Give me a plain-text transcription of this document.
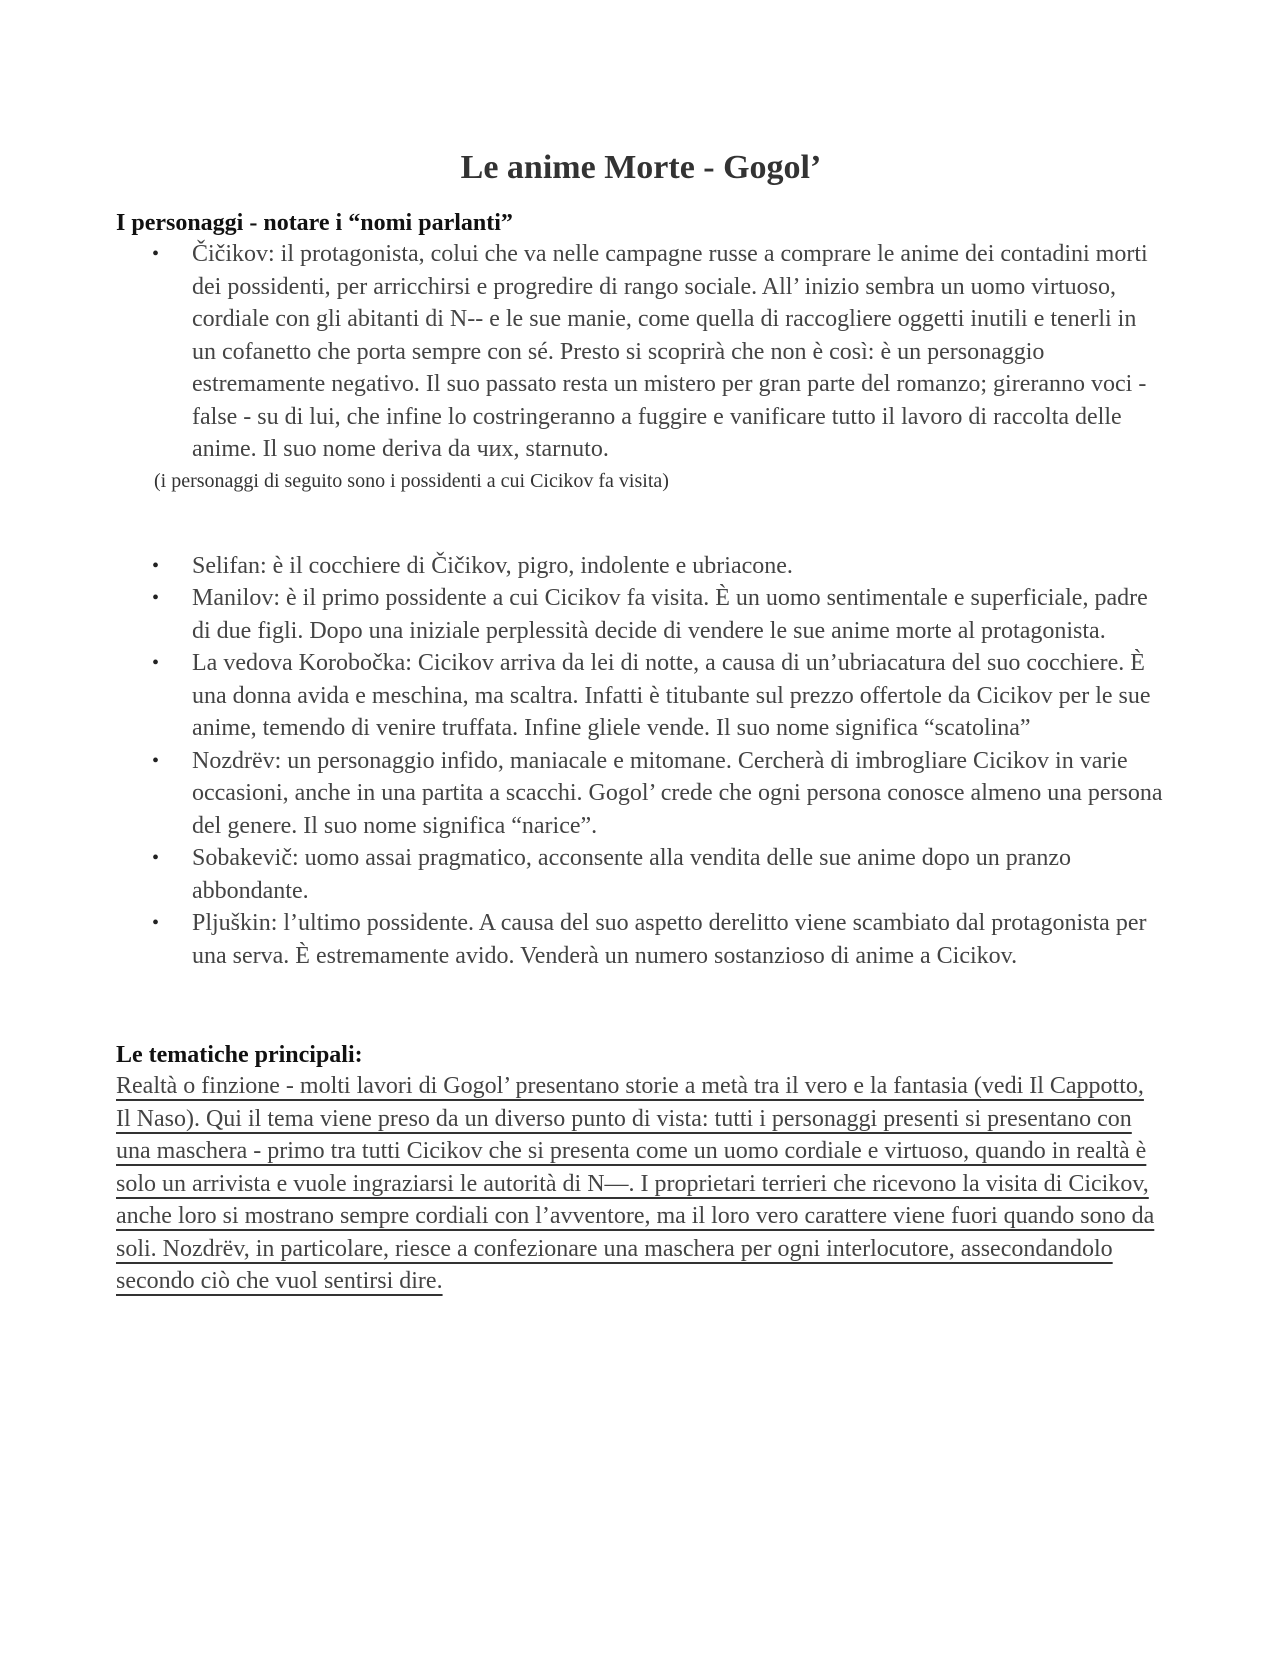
Le anime Morte - Gogol’
I personaggi - notare i “nomi parlanti”
• Čičikov: il protagonista, colui che va nelle campagne russe a comprare le anime dei contadini morti dei possidenti, per arricchirsi e progredire di rango sociale. All’ inizio sembra un uomo virtuoso, cordiale con gli abitanti di N-- e le sue manie, come quella di raccogliere oggetti inutili e tenerli in un cofanetto che porta sempre con sé. Presto si scoprirà che non è così: è un personaggio estremamente negativo. Il suo passato resta un mistero per gran parte del romanzo; gireranno voci - false - su di lui, che infine lo costringeranno a fuggire e vanificare tutto il lavoro di raccolta delle anime. Il suo nome deriva da чих, starnuto.
(i personaggi di seguito sono i possidenti a cui Cicikov fa visita)
• Selifan: è il cocchiere di Čičikov, pigro, indolente e ubriacone.
• Manilov: è il primo possidente a cui Cicikov fa visita. È un uomo sentimentale e superficiale, padre di due figli. Dopo una iniziale perplessità decide di vendere le sue anime morte al protagonista.
• La vedova Korobočka: Cicikov arriva da lei di notte, a causa di un’ubriacatura del suo cocchiere. È una donna avida e meschina, ma scaltra. Infatti è titubante sul prezzo offertole da Cicikov per le sue anime, temendo di venire truffata. Infine gliele vende. Il suo nome significa “scatolina”
• Nozdrëv: un personaggio infido, maniacale e mitomane. Cercherà di imbrogliare Cicikov in varie occasioni, anche in una partita a scacchi. Gogol’ crede che ogni persona conosce almeno una persona del genere. Il suo nome significa “narice”.
• Sobakevič: uomo assai pragmatico, acconsente alla vendita delle sue anime dopo un pranzo abbondante.
• Pljuškin: l’ultimo possidente. A causa del suo aspetto derelitto viene scambiato dal protagonista per una serva. È estremamente avido. Venderà un numero sostanzioso di anime a Cicikov.
Le tematiche principali:

Realtà o finzione - molti lavori di Gogol’ presentano storie a metà tra il vero e la fantasia (vedi Il Cappotto, Il Naso). Qui il tema viene preso da un diverso punto di vista: tutti i personaggi presenti si presentano con una maschera - primo tra tutti Cicikov che si presenta come un uomo cordiale e virtuoso, quando in realtà è solo un arrivista e vuole ingraziarsi le autorità di N—. I proprietari terrieri che ricevono la visita di Cicikov, anche loro si mostrano sempre cordiali con l’avventore, ma il loro vero carattere viene fuori quando sono da soli. Nozdrëv, in particolare, riesce a confezionare una maschera per ogni interlocutore, assecondandolo secondo ciò che vuol sentirsi dire.
